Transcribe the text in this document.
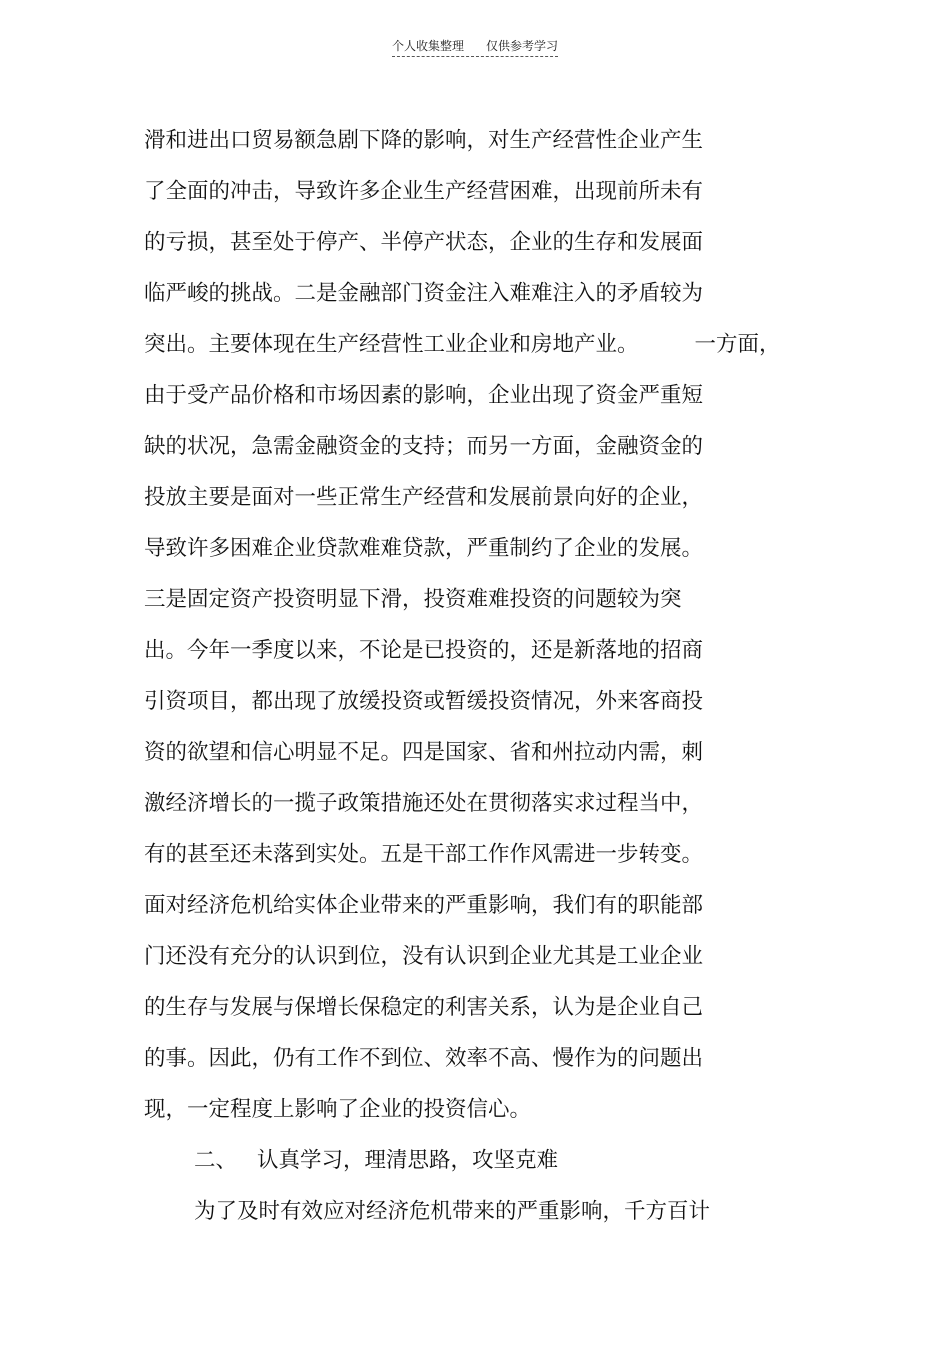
个人收集整理 仅供参考学习
滑和进出口贸易额急剧下降的影响，对生产经营性企业产生
了全面的冲击，导致许多企业生产经营困难，出现前所未有
的亏损，甚至处于停产、半停产状态，企业的生存和发展面
临严峻的挑战。二是金融部门资金注入难难注入的矛盾较为
突出。主要体现在生产经营性工业企业和房地产业。	一方面，
由于受产品价格和市场因素的影响，企业出现了资金严重短
缺的状况，急需金融资金的支持；而另一方面，金融资金的
投放主要是面对一些正常生产经营和发展前景向好的企业，
导致许多困难企业贷款难难贷款，严重制约了企业的发展。
三是固定资产投资明显下滑，投资难难投资的问题较为突
出。今年一季度以来，不论是已投资的，还是新落地的招商
引资项目，都出现了放缓投资或暂缓投资情况，外来客商投
资的欲望和信心明显不足。四是国家、省和州拉动内需，刺
激经济增长的一揽子政策措施还处在贯彻落实求过程当中，
有的甚至还未落到实处。五是干部工作作风需进一步转变。
面对经济危机给实体企业带来的严重影响，我们有的职能部
门还没有充分的认识到位，没有认识到企业尤其是工业企业
的生存与发展与保增长保稳定的利害关系，认为是企业自己
的事。因此，仍有工作不到位、效率不高、慢作为的问题出
现，一定程度上影响了企业的投资信心。
二、 认真学习，理清思路，攻坚克难
为了及时有效应对经济危机带来的严重影响，千方百计
